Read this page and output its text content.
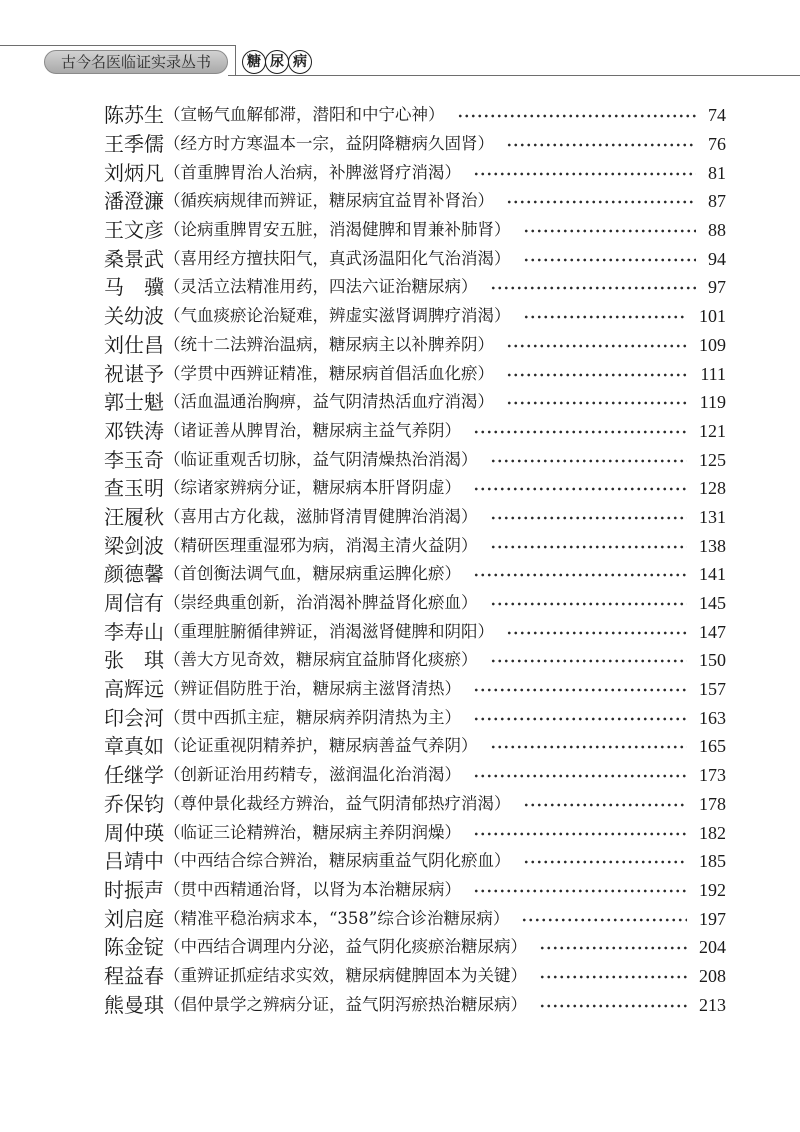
古今名医临证实录丛书	糖 尿 病
陈苏生 （宣畅气血解郁滞，潜阳和中宁心神）	74
王季儒 （经方时方寒温本一宗，益阴降糖病久固肾）	76
刘炳凡 （首重脾胃治人治病，补脾滋肾疗消渴）	81
潘澄濂 （循疾病规律而辨证，糖尿病宜益胃补肾治）	87
王文彦 （论病重脾胃安五脏，消渴健脾和胃兼补肺肾）	88
桑景武 （喜用经方擅扶阳气，真武汤温阳化气治消渴）	94
马　骥 （灵活立法精准用药，四法六证治糖尿病）	97
关幼波 （气血痰瘀论治疑难，辨虚实滋肾调脾疗消渴）	101
刘仕昌 （统十二法辨治温病，糖尿病主以补脾养阴）	109
祝谌予 （学贯中西辨证精准，糖尿病首倡活血化瘀）	111
郭士魁 （活血温通治胸痹，益气阴清热活血疗消渴）	119
邓铁涛 （诸证善从脾胃治，糖尿病主益气养阴）	121
李玉奇 （临证重观舌切脉，益气阴清燥热治消渴）	125
查玉明 （综诸家辨病分证，糖尿病本肝肾阴虚）	128
汪履秋 （喜用古方化裁，滋肺肾清胃健脾治消渴）	131
梁剑波 （精研医理重湿邪为病，消渴主清火益阴）	138
颜德馨 （首创衡法调气血，糖尿病重运脾化瘀）	141
周信有 （崇经典重创新，治消渴补脾益肾化瘀血）	145
李寿山 （重理脏腑循律辨证，消渴滋肾健脾和阴阳）	147
张　琪 （善大方见奇效，糖尿病宜益肺肾化痰瘀）	150
高辉远 （辨证倡防胜于治，糖尿病主滋肾清热）	157
印会河 （贯中西抓主症，糖尿病养阴清热为主）	163
章真如 （论证重视阴精养护，糖尿病善益气养阴）	165
任继学 （创新证治用药精专，滋润温化治消渴）	173
乔保钧 （尊仲景化裁经方辨治，益气阴清郁热疗消渴）	178
周仲瑛 （临证三论精辨治，糖尿病主养阴润燥）	182
吕靖中 （中西结合综合辨治，糖尿病重益气阴化瘀血）	185
时振声 （贯中西精通治肾，以肾为本治糖尿病）	192
刘启庭 （精准平稳治病求本，“358”综合诊治糖尿病）	197
陈金锭 （中西结合调理内分泌，益气阴化痰瘀治糖尿病）	204
程益春 （重辨证抓症结求实效，糖尿病健脾固本为关键）	208
熊曼琪 （倡仲景学之辨病分证，益气阴泻瘀热治糖尿病）	213
